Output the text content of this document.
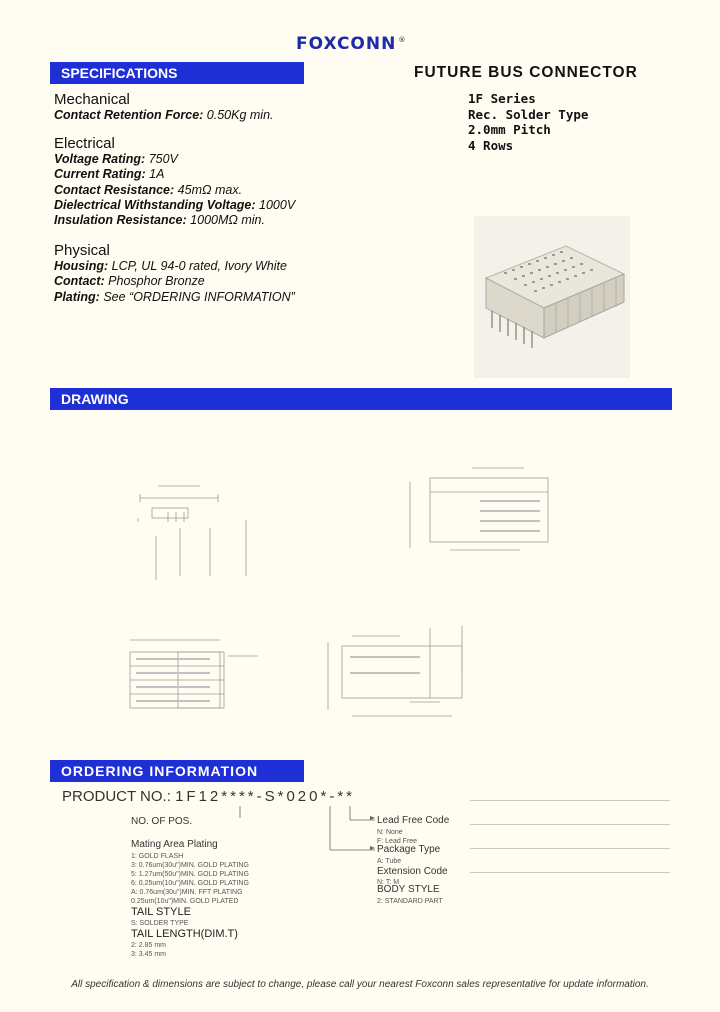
FOXCONN ®
SPECIFICATIONS	FUTURE BUS CONNECTOR
1F Series
Rec. Solder Type
2.0mm Pitch
4 Rows
Mechanical
Contact Retention Force: 0.50Kg min.
Electrical
Voltage Rating: 750V
Current Rating: 1A
Contact Resistance: 45mΩ max.
Dielectrical Withstanding Voltage: 1000V
Insulation Resistance: 1000MΩ min.
Physical
Housing: LCP, UL 94-0 rated, Ivory White
Contact: Phosphor Bronze
Plating: See “ORDERING INFORMATION”
DRAWING
ORDERING INFORMATION
PRODUCT NO.: 1F12****-S*020*-**
NO. OF POS.
Mating Area Plating
1: GOLD FLASH
3: 0.76um(30u")MIN. GOLD PLATING
5: 1.27um(50u")MIN. GOLD PLATING
6: 0.25um(10u")MIN. GOLD PLATING
A: 0.76um(30u")MIN. FFT PLATING
0.25um(10u")MIN. GOLD PLATED
TAIL STYLE
S: SOLDER TYPE
TAIL LENGTH(DIM.T)
2: 2.85 mm
3: 3.45 mm
Lead Free Code
N: None
F: Lead Free
Package Type
A: Tube
Extension Code
N: T: M
BODY STYLE
2: STANDARD PART
All specification & dimensions are subject to change, please call your nearest Foxconn sales representative for update information.
